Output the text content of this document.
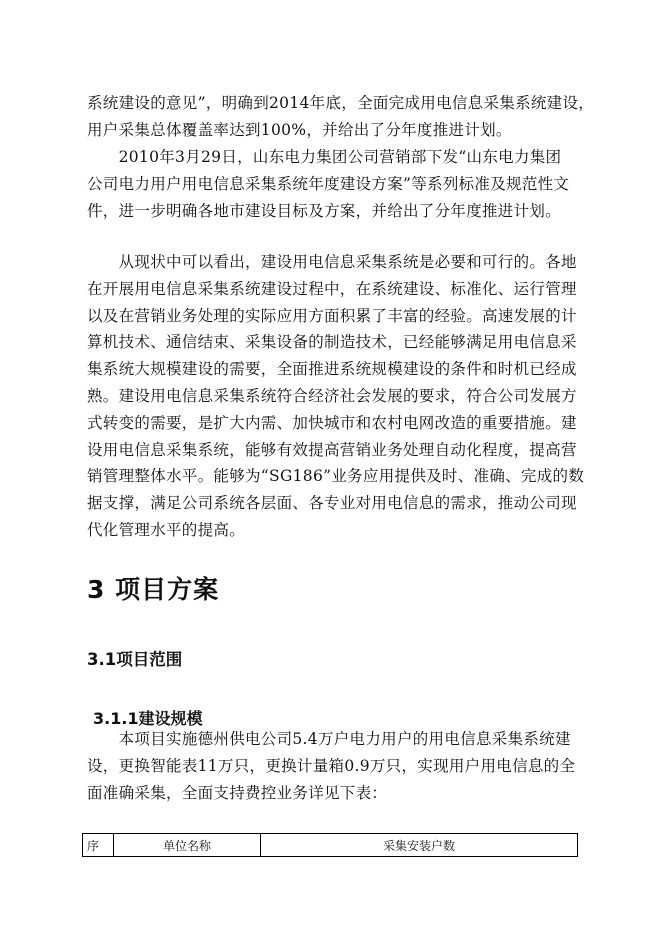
系统建设的意见”，明确到2014年底，全面完成用电信息采集系统建设，
用户采集总体覆盖率达到100%，并给出了分年度推进计划。
　　2010年3月29日，山东电力集团公司营销部下发“山东电力集团
公司电力用户用电信息采集系统年度建设方案”等系列标准及规范性文
件，进一步明确各地市建设目标及方案，并给出了分年度推进计划。
　　从现状中可以看出，建设用电信息采集系统是必要和可行的。各地
在开展用电信息采集系统建设过程中，在系统建设、标准化、运行管理
以及在营销业务处理的实际应用方面积累了丰富的经验。高速发展的计
算机技术、通信结束、采集设备的制造技术，已经能够满足用电信息采
集系统大规模建设的需要，全面推进系统规模建设的条件和时机已经成
熟。建设用电信息采集系统符合经济社会发展的要求，符合公司发展方
式转变的需要，是扩大内需、加快城市和农村电网改造的重要措施。建
设用电信息采集系统，能够有效提高营销业务处理自动化程度，提高营
销管理整体水平。能够为“SG186”业务应用提供及时、准确、完成的数
据支撑，满足公司系统各层面、各专业对用电信息的需求，推动公司现
代化管理水平的提高。
3 项目方案
3.1项目范围
3.1.1建设规模
　　本项目实施德州供电公司5.4万户电力用户的用电信息采集系统建
设，更换智能表11万只，更换计量箱0.9万只，实现用户用电信息的全
面准确采集，全面支持费控业务详见下表：
序	单位名称	采集安装户数
